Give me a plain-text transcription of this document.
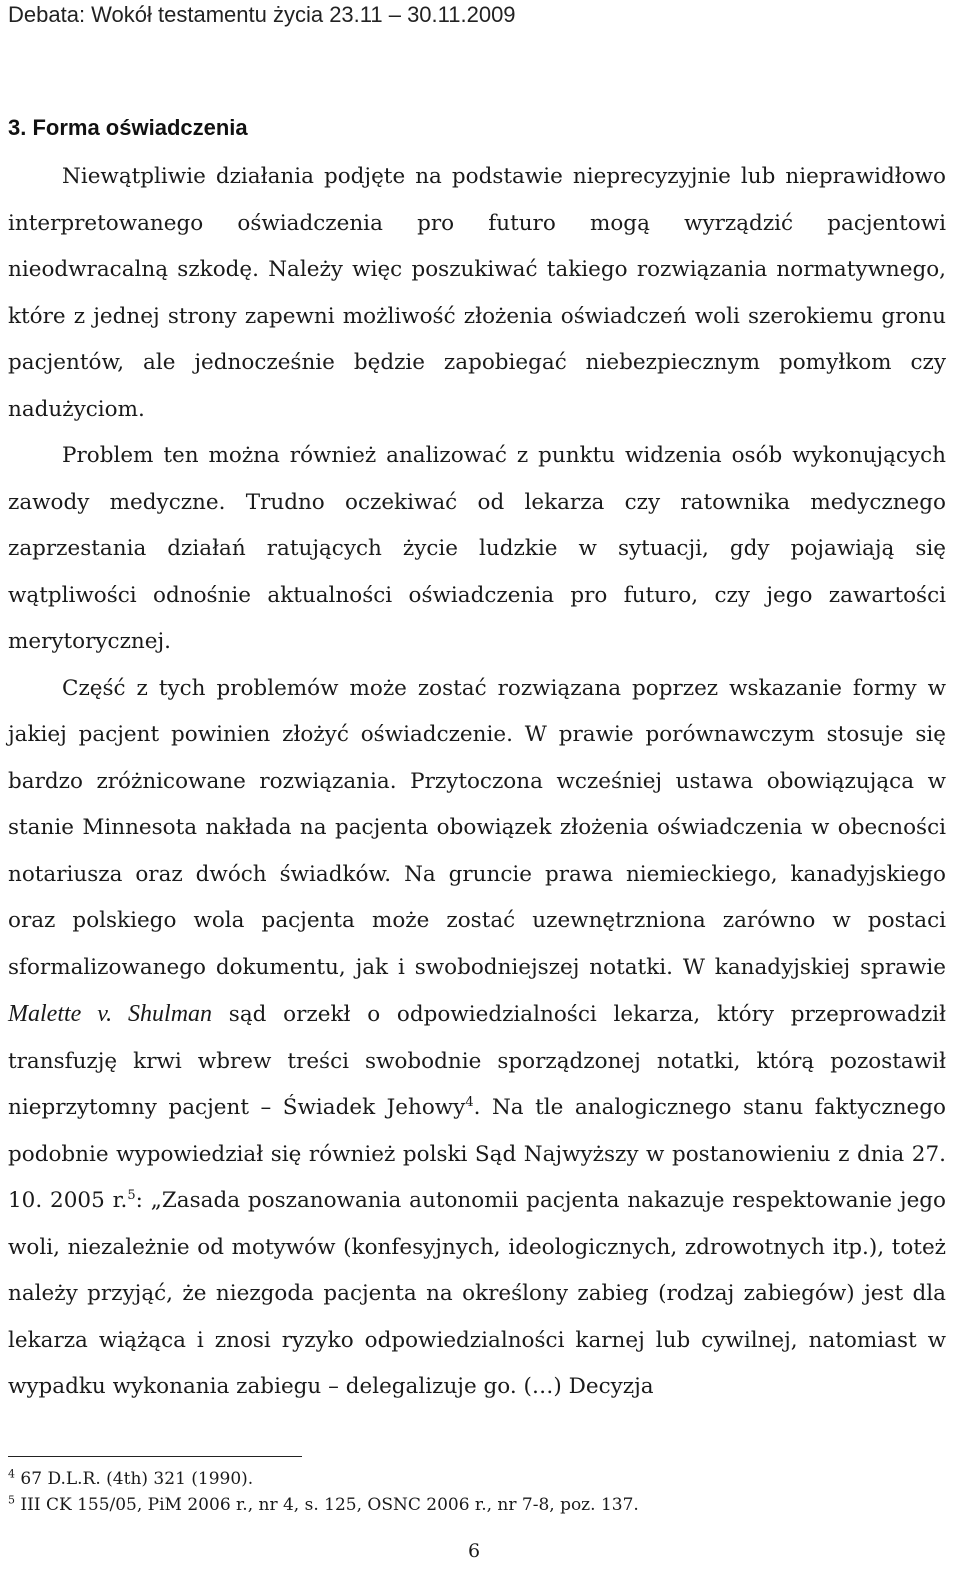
Debata: Wokół testamentu życia 23.11 – 30.11.2009
3. Forma oświadczenia

Niewątpliwie działania podjęte na podstawie nieprecyzyjnie lub nieprawidłowo interpretowanego oświadczenia pro futuro mogą wyrządzić pacjentowi nieodwracalną szkodę. Należy więc poszukiwać takiego rozwiązania normatywnego, które z jednej strony zapewni możliwość złożenia oświadczeń woli szerokiemu gronu pacjentów, ale jednocześnie będzie zapobiegać niebezpiecznym pomyłkom czy nadużyciom.

Problem ten można również analizować z punktu widzenia osób wykonujących zawody medyczne. Trudno oczekiwać od lekarza czy ratownika medycznego zaprzestania działań ratujących życie ludzkie w sytuacji, gdy pojawiają się wątpliwości odnośnie aktualności oświadczenia pro futuro, czy jego zawartości merytorycznej.

Część z tych problemów może zostać rozwiązana poprzez wskazanie formy w jakiej pacjent powinien złożyć oświadczenie. W prawie porównawczym stosuje się bardzo zróżnicowane rozwiązania. Przytoczona wcześniej ustawa obowiązująca w stanie Minnesota nakłada na pacjenta obowiązek złożenia oświadczenia w obecności notariusza oraz dwóch świadków. Na gruncie prawa niemieckiego, kanadyjskiego oraz polskiego wola pacjenta może zostać uzewnętrzniona zarówno w postaci sformalizowanego dokumentu, jak i swobodniejszej notatki. W kanadyjskiej sprawie Malette v. Shulman sąd orzekł o odpowiedzialności lekarza, który przeprowadził transfuzję krwi wbrew treści swobodnie sporządzonej notatki, którą pozostawił nieprzytomny pacjent – Świadek Jehowy$^4$. Na tle analogicznego stanu faktycznego podobnie wypowiedział się również polski Sąd Najwyższy w postanowieniu z dnia 27. 10. 2005 r.$^5$: „Zasada poszanowania autonomii pacjenta nakazuje respektowanie jego woli, niezależnie od motywów (konfesyjnych, ideologicznych, zdrowotnych itp.), toteż należy przyjąć, że niezgoda pacjenta na określony zabieg (rodzaj zabiegów) jest dla lekarza wiążąca i znosi ryzyko odpowiedzialności karnej lub cywilnej, natomiast w wypadku wykonania zabiegu – delegalizuje go. (…) Decyzja

$^4$ 67 D.L.R. (4th) 321 (1990).
$^5$ III CK 155/05, PiM 2006 r., nr 4, s. 125, OSNC 2006 r., nr 7-8, poz. 137.
6
